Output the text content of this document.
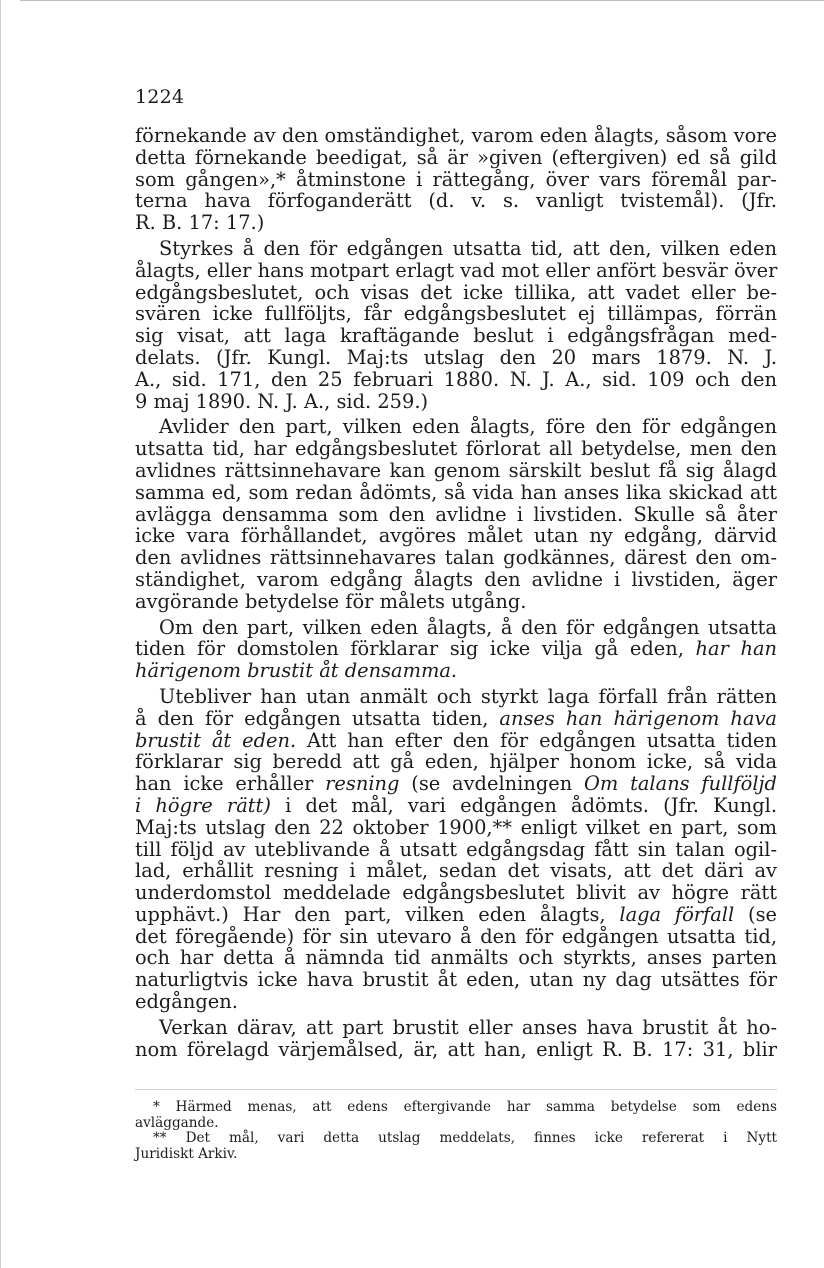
1224
förnekande av den omständighet, varom eden ålagts, såsom vore
detta förnekande beedigat, så är »given (eftergiven) ed så gild
som gången»,* åtminstone i rättegång, över vars föremål par-
terna hava förfoganderätt (d. v. s. vanligt tvistemål). (Jfr.
R. B. 17: 17.)
Styrkes å den för edgången utsatta tid, att den, vilken eden
ålagts, eller hans motpart erlagt vad mot eller anfört besvär över
edgångsbeslutet, och visas det icke tillika, att vadet eller be-
svären icke fullföljts, får edgångsbeslutet ej tillämpas, förrän
sig visat, att laga kraftägande beslut i edgångsfrågan med-
delats. (Jfr. Kungl. Maj:ts utslag den 20 mars 1879. N. J.
A., sid. 171, den 25 februari 1880. N. J. A., sid. 109 och den
9 maj 1890. N. J. A., sid. 259.)
Avlider den part, vilken eden ålagts, före den för edgången
utsatta tid, har edgångsbeslutet förlorat all betydelse, men den
avlidnes rättsinnehavare kan genom särskilt beslut få sig ålagd
samma ed, som redan ådömts, så vida han anses lika skickad att
avlägga densamma som den avlidne i livstiden. Skulle så åter
icke vara förhållandet, avgöres målet utan ny edgång, därvid
den avlidnes rättsinnehavares talan godkännes, därest den om-
ständighet, varom edgång ålagts den avlidne i livstiden, äger
avgörande betydelse för målets utgång.
Om den part, vilken eden ålagts, å den för edgången utsatta
tiden för domstolen förklarar sig icke vilja gå eden, har han
härigenom brustit åt densamma.
Uteblivеr han utan anmält och styrkt laga förfall från rätten
å den för edgången utsatta tiden, anses han härigenom hava
brustit åt eden. Att han efter den för edgången utsatta tiden
förklarar sig beredd att gå eden, hjälper honom icke, så vida
han icke erhåller resning (se avdelningen Om talans fullföljd
i högre rätt) i det mål, vari edgången ådömts. (Jfr. Kungl.
Maj:ts utslag den 22 oktober 1900,** enligt vilket en part, som
till följd av uteblivande å utsatt edgångsdag fått sin talan ogil-
lad, erhållit resning i målet, sedan det visats, att det däri av
underdomstol meddelade edgångsbeslutet blivit av högre rätt
upphävt.) Har den part, vilken eden ålagts, laga förfall (se
det föregående) för sin utevaro å den för edgången utsatta tid,
och har detta å nämnda tid anmälts och styrkts, anses parten
naturligtvis icke hava brustit åt eden, utan ny dag utsättes för
edgången.
Verkan därav, att part brustit eller anses hava brustit åt ho-
nom förelagd värjemålsed, är, att han, enligt R. B. 17: 31, blir
* Härmed menas, att edens eftergivande har samma betydelse som edens
avläggande.
** Det mål, vari detta utslag meddelats, finnes icke refererat i Nytt
Juridiskt Arkiv.
